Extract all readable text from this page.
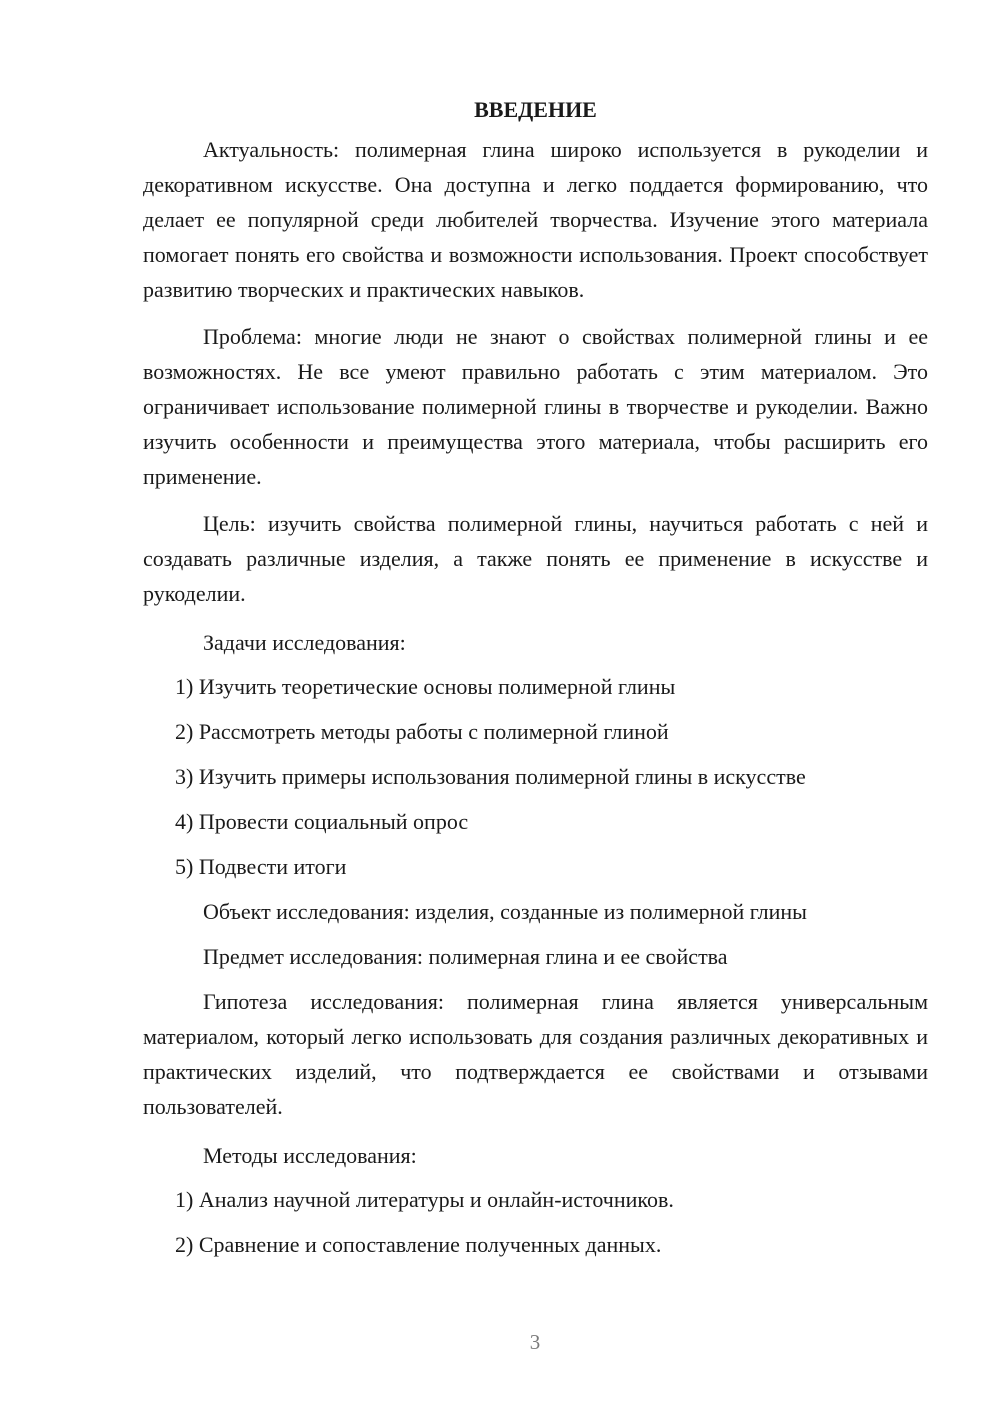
ВВЕДЕНИЕ

Актуальность: полимерная глина широко используется в рукоделии и декоративном искусстве. Она доступна и легко поддается формированию, что делает ее популярной среди любителей творчества. Изучение этого материала помогает понять его свойства и возможности использования. Проект способствует развитию творческих и практических навыков.

Проблема: многие люди не знают о свойствах полимерной глины и ее возможностях. Не все умеют правильно работать с этим материалом. Это ограничивает использование полимерной глины в творчестве и рукоделии. Важно изучить особенности и преимущества этого материала, чтобы расширить его применение.

Цель: изучить свойства полимерной глины, научиться работать с ней и создавать различные изделия, а также понять ее применение в искусстве и рукоделии.

Задачи исследования:

1) Изучить теоретические основы полимерной глины

2) Рассмотреть методы работы с полимерной глиной

3) Изучить примеры использования полимерной глины в искусстве

4) Провести социальный опрос

5) Подвести итоги

Объект исследования: изделия, созданные из полимерной глины

Предмет исследования: полимерная глина и ее свойства

Гипотеза исследования: полимерная глина является универсальным материалом, который легко использовать для создания различных декоративных и практических изделий, что подтверждается ее свойствами и отзывами пользователей.

Методы исследования:

1) Анализ научной литературы и онлайн-источников.

2) Сравнение и сопоставление полученных данных.

3
